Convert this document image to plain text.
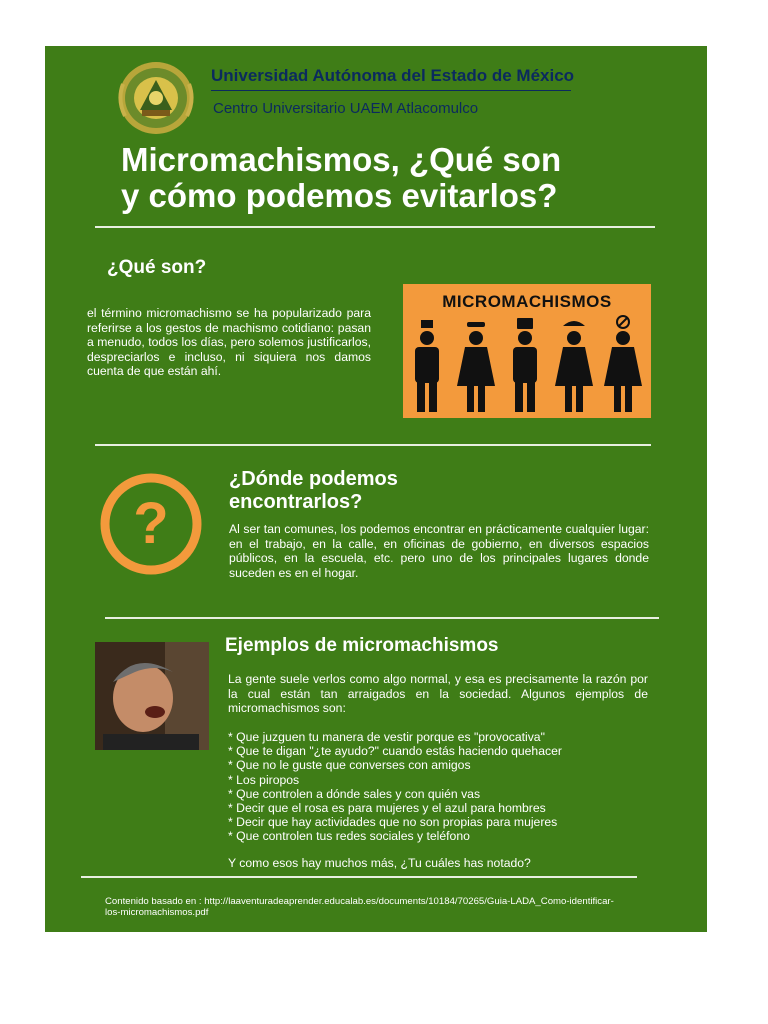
Universidad Autónoma del Estado de México
Centro Universitario UAEM Atlacomulco
Micromachismos, ¿Qué son
y cómo podemos evitarlos?
¿Qué son?
el término micromachismo se ha popularizado para referirse a los gestos de machismo cotidiano: pasan a menudo, todos los días, pero solemos justificarlos, despreciarlos e incluso, ni siquiera nos damos cuenta de que están ahí.
MICROMACHISMOS
?
¿Dónde podemos
encontrarlos?
Al ser tan comunes, los podemos encontrar en prácticamente cualquier lugar: en el trabajo, en la calle, en oficinas de gobierno, en diversos espacios públicos, en la escuela, etc. pero uno de los principales lugares donde suceden es en el hogar.
Ejemplos de micromachismos
La gente suele verlos como algo normal, y esa es precisamente la razón por la cual están tan arraigados en la sociedad. Algunos ejemplos de micromachismos son:
* Que juzguen tu manera de vestir porque es "provocativa"
* Que te digan "¿te ayudo?" cuando estás haciendo quehacer
* Que no le guste que converses con amigos
* Los piropos
* Que controlen a dónde sales y con quién vas
* Decir que el rosa es para mujeres y el azul para hombres
* Decir que hay actividades que no son propias para mujeres
* Que controlen tus redes sociales y teléfono
Y como esos hay muchos más, ¿Tu cuáles has notado?
Contenido basado en : http://laaventuradeaprender.educalab.es/documents/10184/70265/Guia-LADA_Como-identificar-los-micromachismos.pdf
